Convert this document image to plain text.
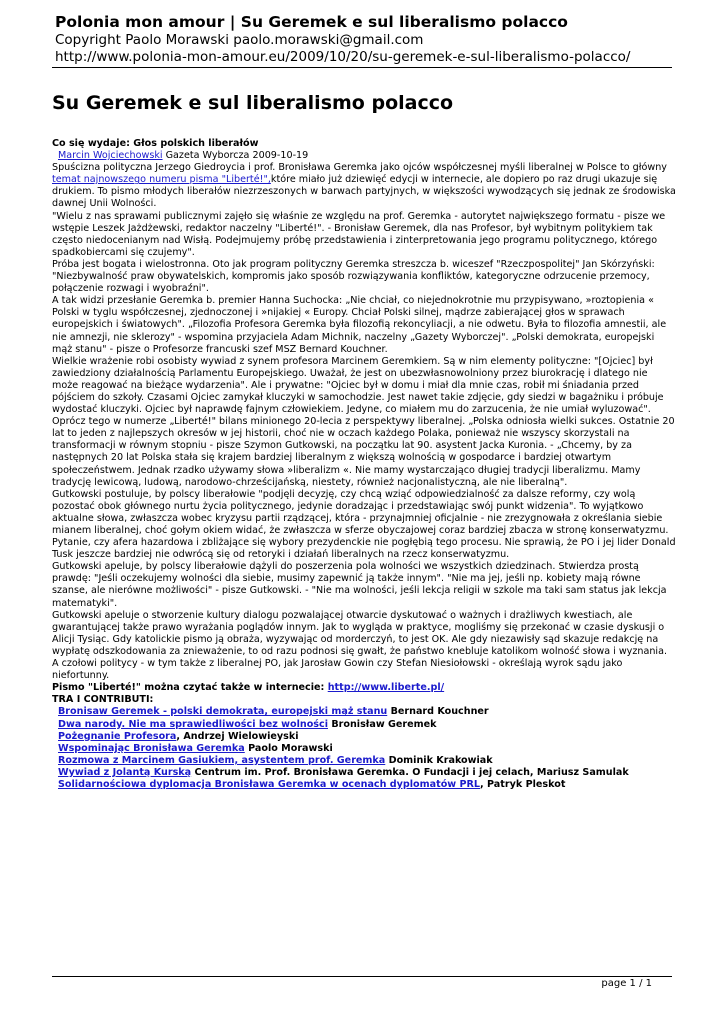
Polonia mon amour | Su Geremek e sul liberalismo polacco
Copyright Paolo Morawski paolo.morawski@gmail.com
http://www.polonia-mon-amour.eu/2009/10/20/su-geremek-e-sul-liberalismo-polacco/
Su Geremek e sul liberalismo polacco

Co się wydaje: Głos polskich liberałów

Marcin Wojciechowski Gazeta Wyborcza 2009-10-19

Spuścizna polityczna Jerzego Giedroycia i prof. Bronisława Geremka jako ojców współczesnej myśli liberalnej w Polsce to główny temat najnowszego numeru pisma "Liberté!",które miało już dziewięć edycji w internecie, ale dopiero po raz drugi ukazuje się drukiem. To pismo młodych liberałów niezrzeszonych w barwach partyjnych, w większości wywodzących się jednak ze środowiska dawnej Unii Wolności.

"Wielu z nas sprawami publicznymi zajęło się właśnie ze względu na prof. Geremka - autorytet największego formatu - pisze we wstępie Leszek Jażdżewski, redaktor naczelny "Liberté!". - Bronisław Geremek, dla nas Profesor, był wybitnym politykiem tak często niedocenianym nad Wisłą. Podejmujemy próbę przedstawienia i zinterpretowania jego programu politycznego, którego spadkobiercami się czujemy".

Próba jest bogata i wielostronna. Oto jak program polityczny Geremka streszcza b. wiceszef "Rzeczpospolitej" Jan Skórzyński: "Niezbywalność praw obywatelskich, kompromis jako sposób rozwiązywania konfliktów, kategoryczne odrzucenie przemocy, połączenie rozwagi i wyobraźni".

A tak widzi przesłanie Geremka b. premier Hanna Suchocka: „Nie chciał, co niejednokrotnie mu przypisywano, »roztopienia « Polski w tyglu współczesnej, zjednoczonej i »nijakiej « Europy. Chciał Polski silnej, mądrze zabierającej głos w sprawach europejskich i światowych". „Filozofia Profesora Geremka była filozofią rekoncyliacji, a nie odwetu. Była to filozofia amnestii, ale nie amnezji, nie sklerozy" - wspomina przyjaciela Adam Michnik, naczelny „Gazety Wyborczej". „Polski demokrata, europejski mąż stanu" - pisze o Profesorze francuski szef MSZ Bernard Kouchner.

Wielkie wrażenie robi osobisty wywiad z synem profesora Marcinem Geremkiem. Są w nim elementy polityczne: "[Ojciec] był zawiedziony działalnością Parlamentu Europejskiego. Uważał, że jest on ubezwłasnowolniony przez biurokrację i dlatego nie może reagować na bieżące wydarzenia". Ale i prywatne: "Ojciec był w domu i miał dla mnie czas, robił mi śniadania przed pójściem do szkoły. Czasami Ojciec zamykał kluczyki w samochodzie. Jest nawet takie zdjęcie, gdy siedzi w bagażniku i próbuje wydostać kluczyki. Ojciec był naprawdę fajnym człowiekiem. Jedyne, co miałem mu do zarzucenia, że nie umiał wyluzować".

Oprócz tego w numerze „Liberté!" bilans minionego 20-lecia z perspektywy liberalnej. „Polska odniosła wielki sukces. Ostatnie 20 lat to jeden z najlepszych okresów w jej historii, choć nie w oczach każdego Polaka, ponieważ nie wszyscy skorzystali na transformacji w równym stopniu - pisze Szymon Gutkowski, na początku lat 90. asystent Jacka Kuronia. - „Chcemy, by za następnych 20 lat Polska stała się krajem bardziej liberalnym z większą wolnością w gospodarce i bardziej otwartym społeczeństwem. Jednak rzadko używamy słowa »liberalizm «. Nie mamy wystarczająco długiej tradycji liberalizmu. Mamy tradycję lewicową, ludową, narodowo-chrześcijańską, niestety, również nacjonalistyczną, ale nie liberalną".

Gutkowski postuluje, by polscy liberałowie "podjęli decyzję, czy chcą wziąć odpowiedzialność za dalsze reformy, czy wolą pozostać obok głównego nurtu życia politycznego, jedynie doradzając i przedstawiając swój punkt widzenia". To wyjątkowo aktualne słowa, zwłaszcza wobec kryzysu partii rządzącej, która - przynajmniej oficjalnie - nie zrezygnowała z określania siebie mianem liberalnej, choć gołym okiem widać, że zwłaszcza w sferze obyczajowej coraz bardziej zbacza w stronę konserwatyzmu. Pytanie, czy afera hazardowa i zbliżające się wybory prezydenckie nie pogłębią tego procesu. Nie sprawią, że PO i jej lider Donald Tusk jeszcze bardziej nie odwrócą się od retoryki i działań liberalnych na rzecz konserwatyzmu.

Gutkowski apeluje, by polscy liberałowie dążyli do poszerzenia pola wolności we wszystkich dziedzinach. Stwierdza prostą prawdę: "Jeśli oczekujemy wolności dla siebie, musimy zapewnić ją także innym". "Nie ma jej, jeśli np. kobiety mają równe szanse, ale nierówne możliwości" - pisze Gutkowski. - "Nie ma wolności, jeśli lekcja religii w szkole ma taki sam status jak lekcja matematyki".

Gutkowski apeluje o stworzenie kultury dialogu pozwalającej otwarcie dyskutować o ważnych i drażliwych kwestiach, ale gwarantującej także prawo wyrażania poglądów innym. Jak to wygląda w praktyce, mogliśmy się przekonać w czasie dyskusji o Alicji Tysiąc. Gdy katolickie pismo ją obraża, wyzywając od morderczyń, to jest OK. Ale gdy niezawisły sąd skazuje redakcję na wypłatę odszkodowania za znieważenie, to od razu podnosi się gwałt, że państwo knebluje katolikom wolność słowa i wyznania. A czołowi politycy - w tym także z liberalnej PO, jak Jarosław Gowin czy Stefan Niesiołowski - określają wyrok sądu jako niefortunny.

Pismo "Liberté!" można czytać także w internecie: http://www.liberte.pl/

TRA I CONTRIBUTI:

Bronisaw Geremek - polski demokrata, europejski mąż stanu Bernard Kouchner

Dwa narody. Nie ma sprawiedliwości bez wolności Bronisław Geremek

Pożegnanie Profesora, Andrzej Wielowieyski

Wspominając Bronisława Geremka Paolo Morawski

Rozmowa z Marcinem Gasiukiem, asystentem prof. Geremka Dominik Krakowiak

Wywiad z Jolantą Kurską Centrum im. Prof. Bronisława Geremka. O Fundacji i jej celach, Mariusz Samulak

Solidarnościowa dyplomacja Bronisława Geremka w ocenach dyplomatów PRL, Patryk Pleskot

page 1 / 1
